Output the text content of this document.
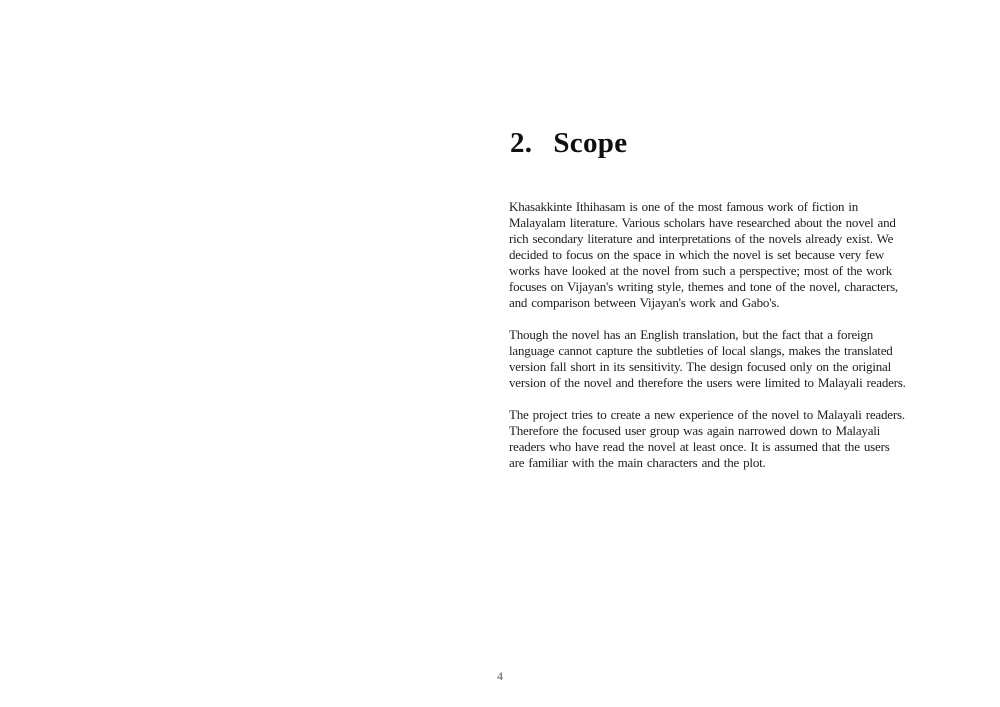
2. Scope

Khasakkinte Ithihasam is one of the most famous work of fiction in Malayalam literature. Various scholars have researched about the novel and rich secondary literature and interpretations of the novels already exist. We decided to focus on the space in which the novel is set because very few works have looked at the novel from such a perspective; most of the work focuses on Vijayan's writing style, themes and tone of the novel, characters, and comparison between Vijayan's work and Gabo's.

Though the novel has an English translation, but the fact that a foreign language cannot capture the subtleties of local slangs, makes the translated version fall short in its sensitivity. The design focused only on the original version of the novel and therefore the users were limited to Malayali readers.

The project tries to create a new experience of the novel to Malayali readers. Therefore the focused user group was again narrowed down to Malayali readers who have read the novel at least once. It is assumed that the users are familiar with the main characters and the plot.

4
